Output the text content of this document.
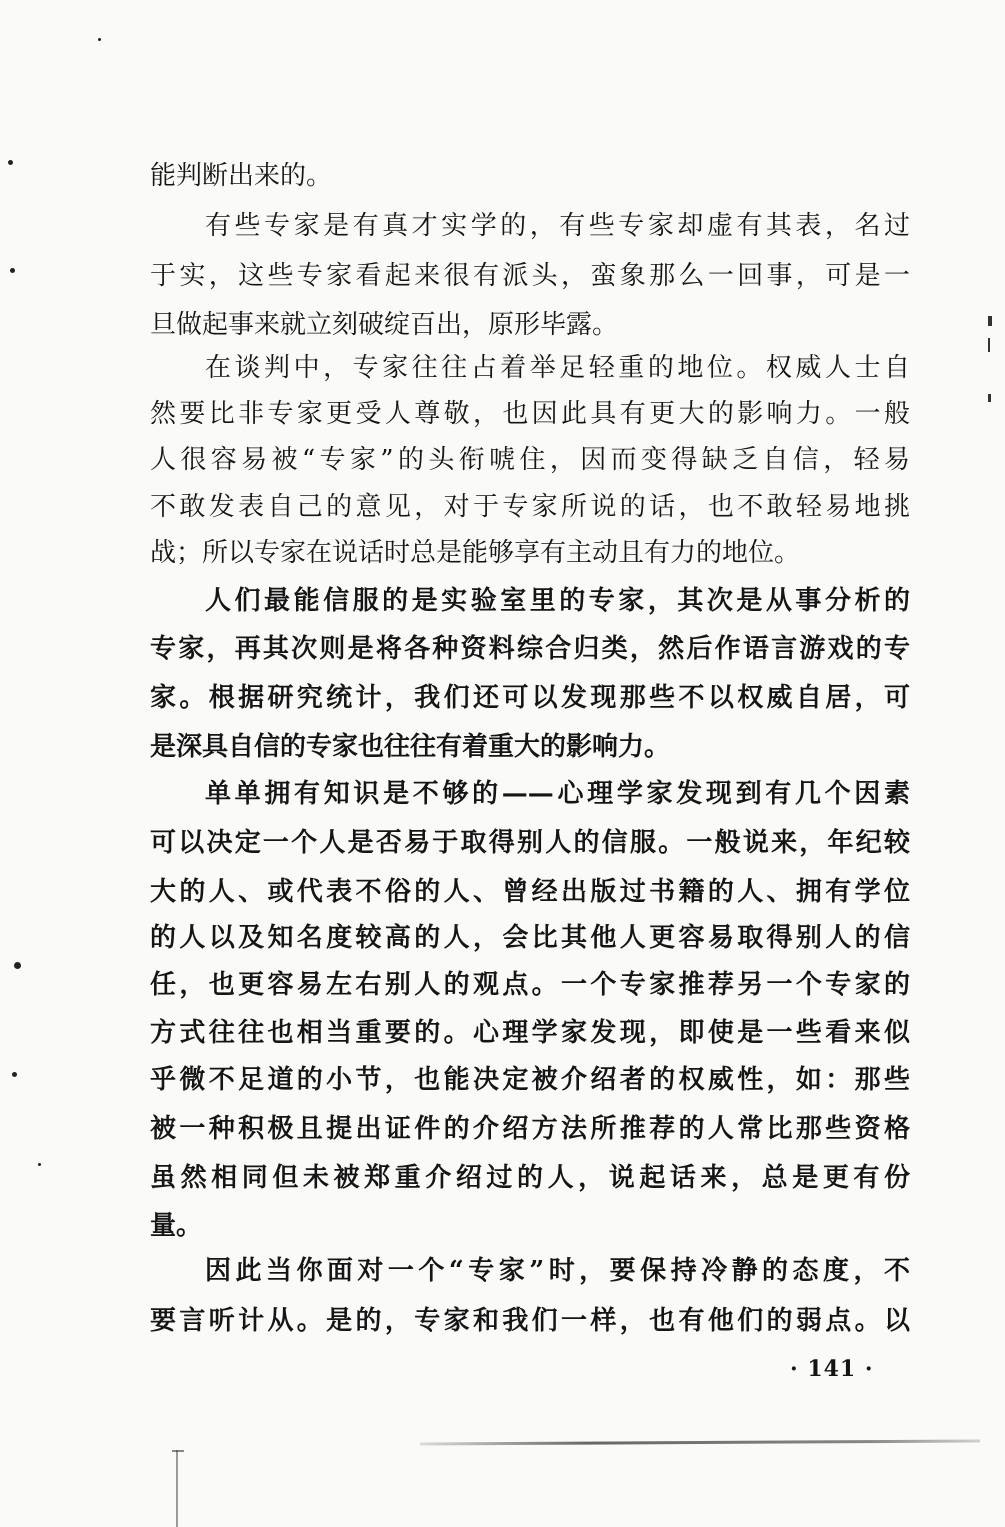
能判断出来的。
有些专家是有真才实学的，有些专家却虚有其表，名过
于实，这些专家看起来很有派头，蛮象那么一回事，可是一
旦做起事来就立刻破绽百出，原形毕露。
在谈判中，专家往往占着举足轻重的地位。权威人士自
然要比非专家更受人尊敬，也因此具有更大的影响力。一般
人很容易被“专家”的头衔唬住，因而变得缺乏自信，轻易
不敢发表自己的意见，对于专家所说的话，也不敢轻易地挑
战；所以专家在说话时总是能够享有主动且有力的地位。
人们最能信服的是实验室里的专家，其次是从事分析的
专家，再其次则是将各种资料综合归类，然后作语言游戏的专
家。根据研究统计，我们还可以发现那些不以权威自居，可
是深具自信的专家也往往有着重大的影响力。
单单拥有知识是不够的——心理学家发现到有几个因素
可以决定一个人是否易于取得别人的信服。一般说来，年纪较
大的人、或代表不俗的人、曾经出版过书籍的人、拥有学位
的人以及知名度较高的人，会比其他人更容易取得别人的信
任，也更容易左右别人的观点。一个专家推荐另一个专家的
方式往往也相当重要的。心理学家发现，即使是一些看来似
乎微不足道的小节，也能决定被介绍者的权威性，如：那些
被一种积极且提出证件的介绍方法所推荐的人常比那些资格
虽然相同但未被郑重介绍过的人，说起话来，总是更有份
量。
因此当你面对一个“专家”时，要保持冷静的态度，不
要言听计从。是的，专家和我们一样，也有他们的弱点。以
· 141 ·
